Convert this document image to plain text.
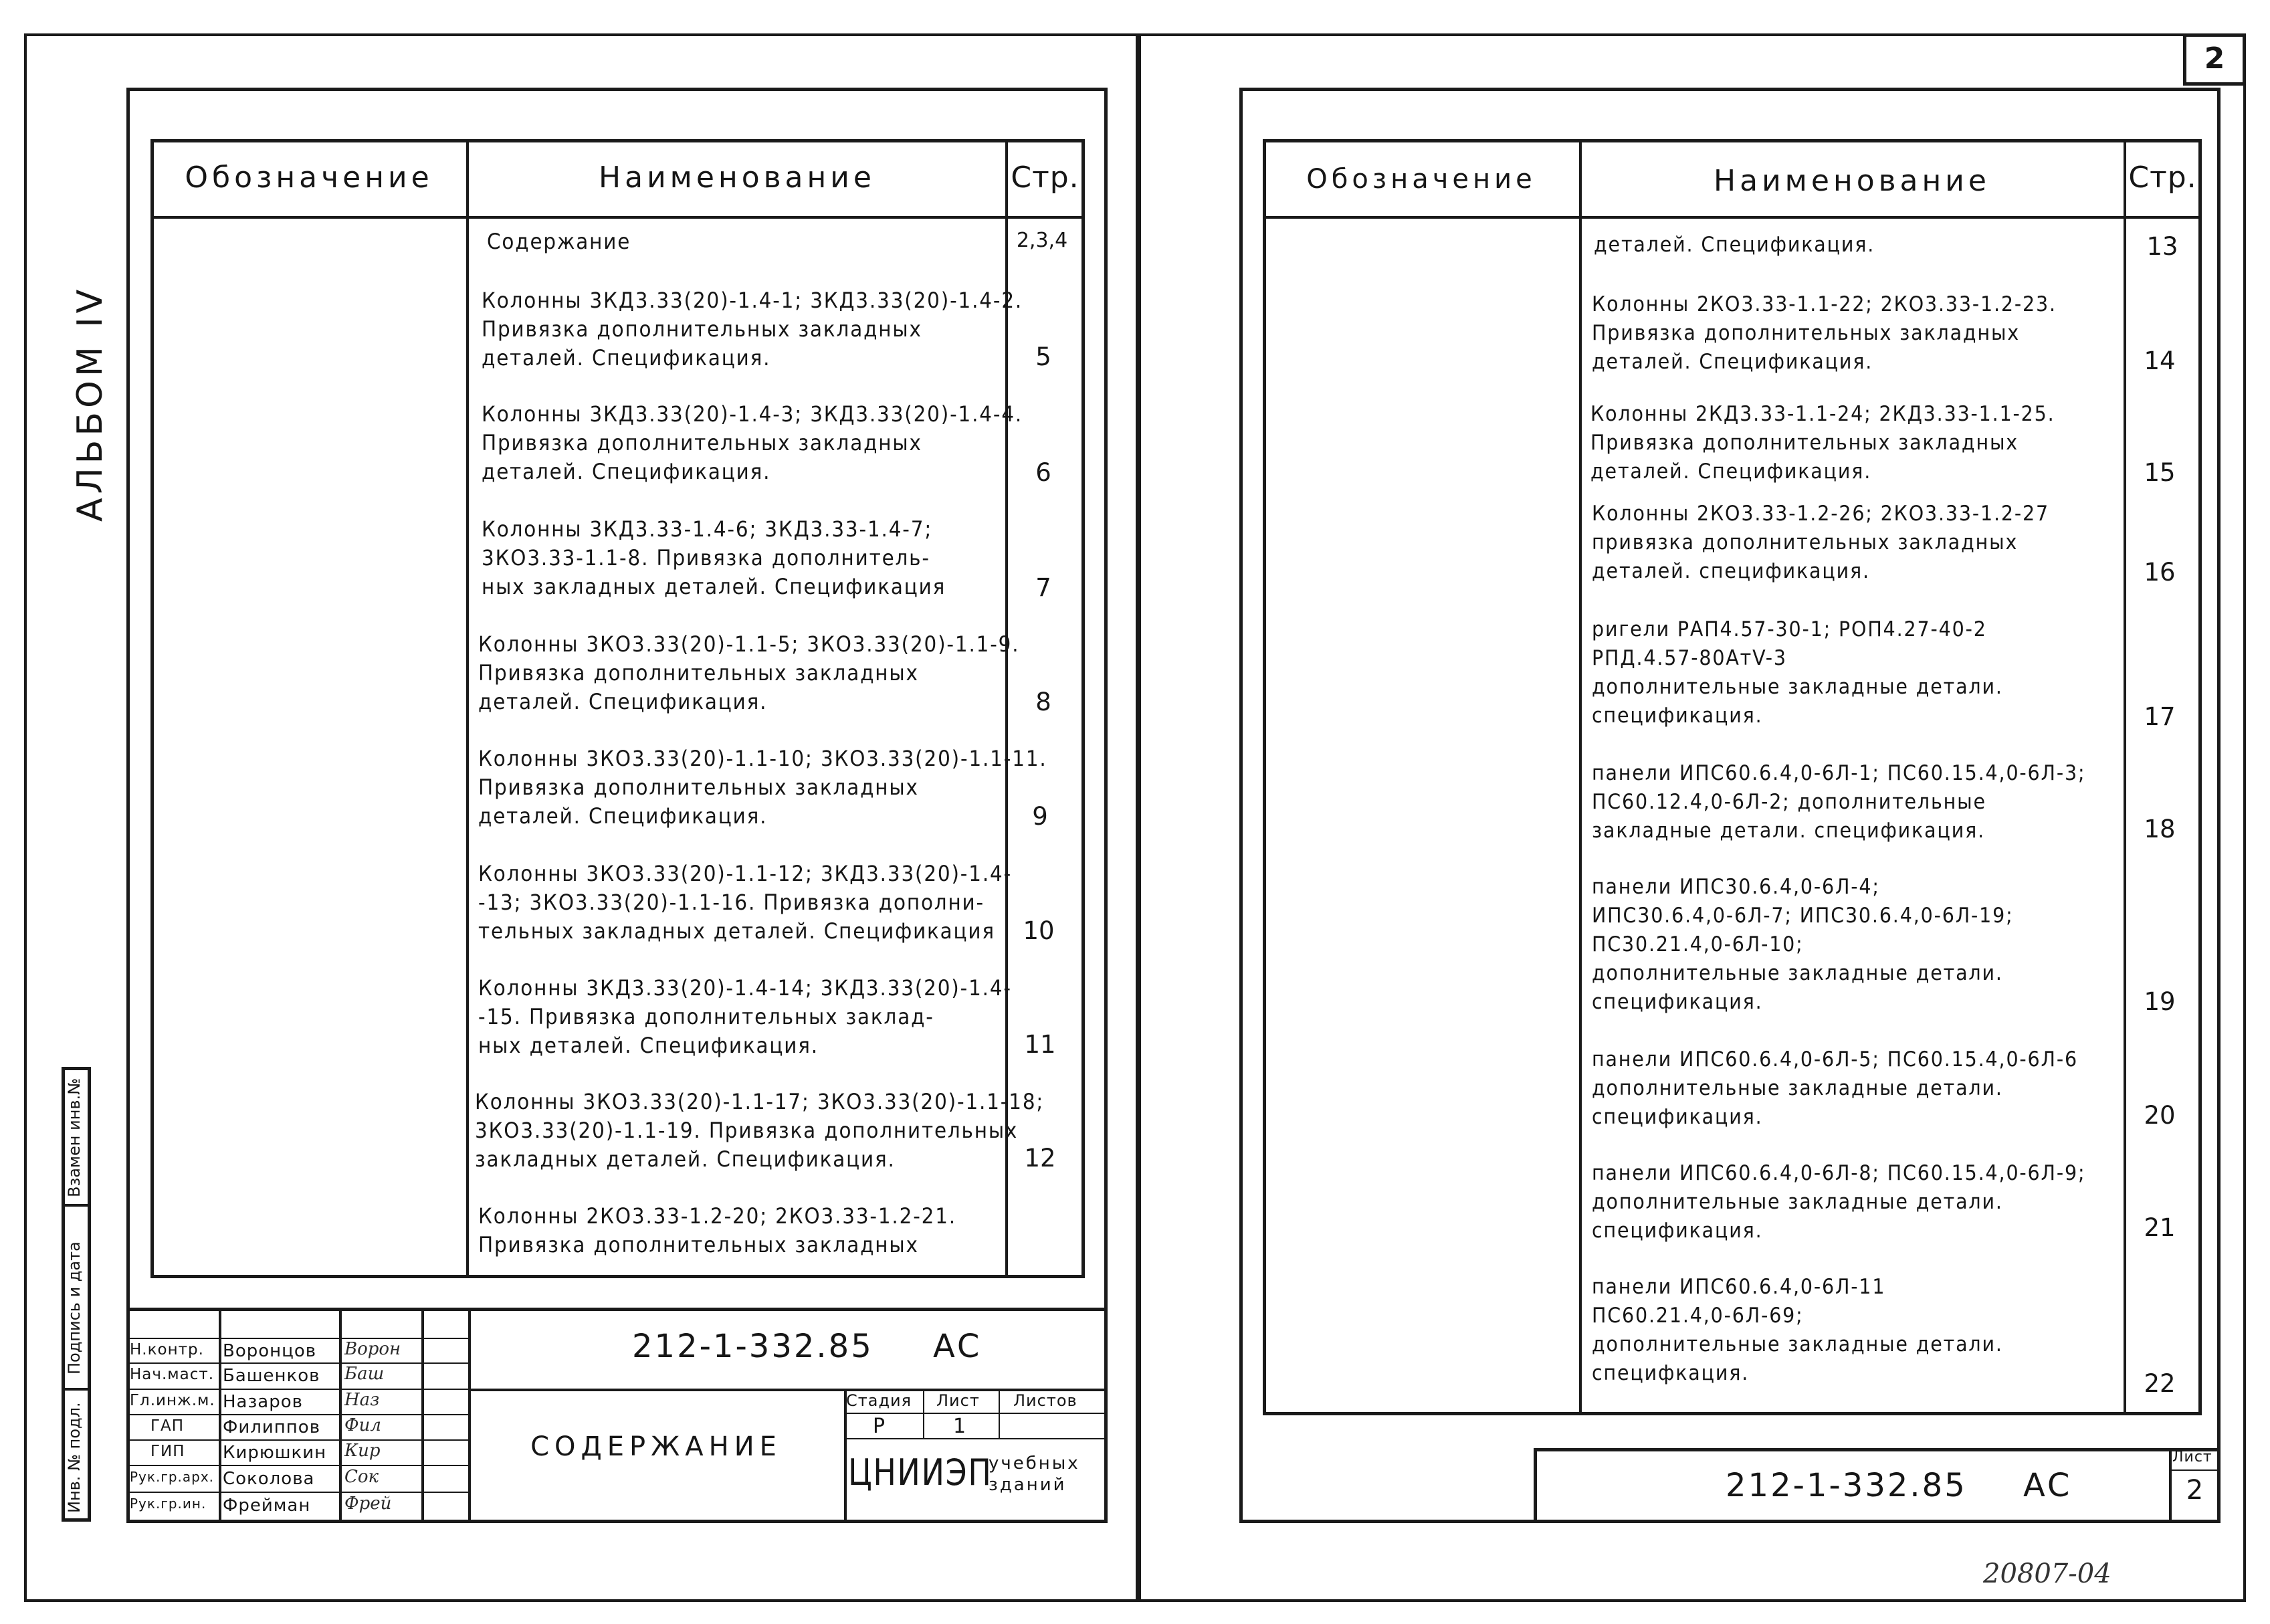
АЛЬБОМ IV
Обозначение	Наименование	Стр.
Содержание	2,3,4
Колонны 3КД3.33(20)-1.4-1; 3КД3.33(20)-1.4-2.
Привязка дополнительных закладных
деталей. Спецификация.	5
Колонны 3КД3.33(20)-1.4-3; 3КД3.33(20)-1.4-4.
Привязка дополнительных закладных
деталей. Спецификация.	6
Колонны 3КД3.33-1.4-6; 3КД3.33-1.4-7;
3КО3.33-1.1-8. Привязка дополнитель-
ных закладных деталей. Спецификация	7
Колонны 3КО3.33(20)-1.1-5; 3КО3.33(20)-1.1-9.
Привязка дополнительных закладных
деталей. Спецификация.	8
Колонны 3КО3.33(20)-1.1-10; 3КО3.33(20)-1.1-11.
Привязка дополнительных закладных
деталей. Спецификация.	9
Колонны 3КО3.33(20)-1.1-12; 3КД3.33(20)-1.4-
-13; 3КО3.33(20)-1.1-16. Привязка дополни-
тельных закладных деталей. Спецификация	10
Колонны 3КД3.33(20)-1.4-14; 3КД3.33(20)-1.4-
-15. Привязка дополнительных заклад-
ных деталей. Спецификация.	11
Колонны 3КО3.33(20)-1.1-17; 3КО3.33(20)-1.1-18;
3КО3.33(20)-1.1-19. Привязка дополнительных
закладных деталей. Спецификация.	12
Колонны 2КО3.33-1.2-20; 2КО3.33-1.2-21.
Привязка дополнительных закладных
Инв. № подл.
Подпись и дата
Взамен инв.№
Н.контр. Воронцов Ворон
Нач.маст. Башенков Баш
Гл.инж.м. Назаров Наз
ГАП Филиппов Фил
ГИП Кирюшкин Кир
Рук.гр.арх. Соколова Сок
Рук.гр.ин. Фрейман Фрей
212-1-332.85 АС
СОДЕРЖАНИЕ
Стадия Лист Листов
Р	1
ЦНИИЭП
учебных зданий
2
Обозначение	Наименование	Стр.
деталей. Спецификация.	13
Колонны 2КО3.33-1.1-22; 2КО3.33-1.2-23.
Привязка дополнительных закладных
деталей. Спецификация.	14
Колонны 2КД3.33-1.1-24; 2КД3.33-1.1-25.
Привязка дополнительных закладных
деталей. Спецификация.	15
Колонны 2КО3.33-1.2-26; 2КО3.33-1.2-27
привязка дополнительных закладных
деталей. спецификация.	16
ригели РАП4.57-30-1; РОП4.27-40-2
РПД.4.57-80АтV-3
дополнительные закладные детали.
спецификация.	17
панели ИПС60.6.4,0-6Л-1; ПС60.15.4,0-6Л-3;
ПС60.12.4,0-6Л-2; дополнительные
закладные детали. спецификация.	18
панели ИПС30.6.4,0-6Л-4;
ИПС30.6.4,0-6Л-7; ИПС30.6.4,0-6Л-19;
ПС30.21.4,0-6Л-10;
дополнительные закладные детали.
спецификация.	19
панели ИПС60.6.4,0-6Л-5; ПС60.15.4,0-6Л-6
дополнительные закладные детали.
спецификация.	20
панели ИПС60.6.4,0-6Л-8; ПС60.15.4,0-6Л-9;
дополнительные закладные детали.
спецификация.	21
панели ИПС60.6.4,0-6Л-11
ПС60.21.4,0-6Л-69;
дополнительные закладные детали.
специфкация.	22
Лист
2
212-1-332.85 АС
20807-04
